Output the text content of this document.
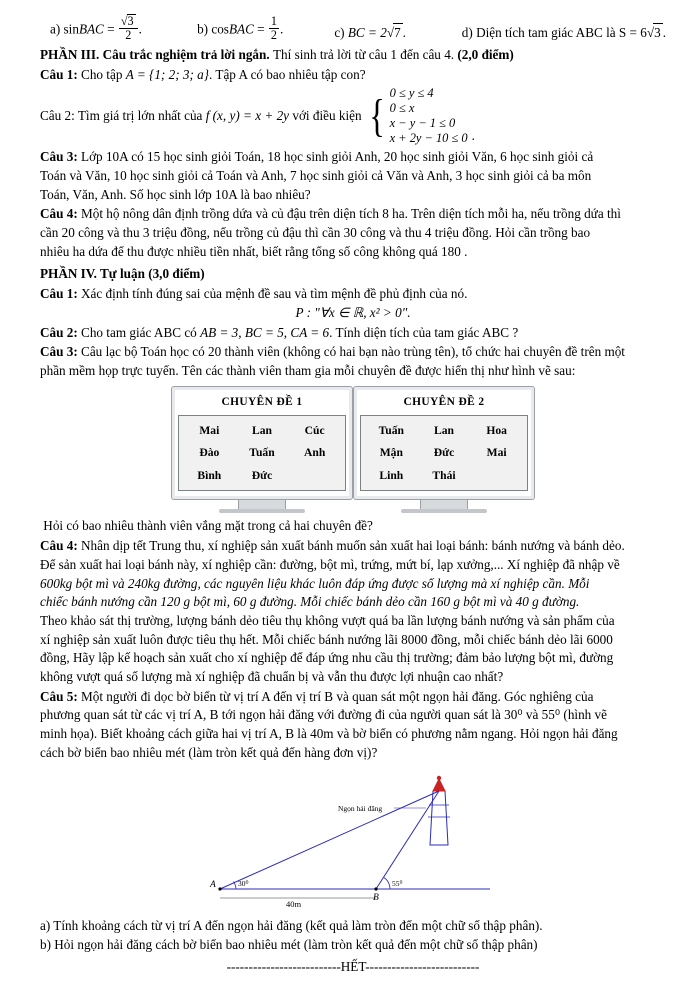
a) sinBAC = $\frac{√3}{2}$ .	b) cosBAC = $\frac{1}{2}$ .	c) BC = 2√7 .	d) Diện tích tam giác ABC là S = 6√3 .

PHẦN III. Câu trắc nghiệm trả lời ngắn. Thí sinh trả lời từ câu 1 đến câu 4. (2,0 điểm)

Câu 1: Cho tập A = {1; 2; 3; a}. Tập A có bao nhiêu tập con?

Câu 2: Tìm giá trị lớn nhất của f (x, y) = x + 2y với điều kiện { 0 ≤ y ≤ 4
0 ≤ x
x − y − 1 ≤ 0
x + 2y − 10 ≤ 0 .

Câu 3: Lớp 10A có 15 học sinh giỏi Toán, 18 học sinh giỏi Anh, 20 học sinh giỏi Văn, 6 học sinh giỏi cả

Toán và Văn, 10 học sinh giỏi cả Toán và Anh, 7 học sinh giỏi cả Văn và Anh, 3 học sinh giỏi cả ba môn

Toán, Văn, Anh. Số học sinh lớp 10A là bao nhiêu?

Câu 4: Một hộ nông dân định trồng dứa và củ đậu trên diện tích 8 ha. Trên diện tích mỗi ha, nếu trồng dứa thì

cần 20 công và thu 3 triệu đồng, nếu trồng củ đậu thì cần 30 công và thu 4 triệu đồng. Hỏi cần trồng bao

nhiêu ha dứa để thu được nhiều tiền nhất, biết rằng tổng số công không quá 180 .

PHẦN IV. Tự luận (3,0 điểm)

Câu 1: Xác định tính đúng sai của mệnh đề sau và tìm mệnh đề phủ định của nó.

P : "∀x ∈ ℝ, x² > 0".

Câu 2: Cho tam giác ABC có AB = 3, BC = 5, CA = 6. Tính diện tích của tam giác ABC ?

Câu 3: Câu lạc bộ Toán học có 20 thành viên (không có hai bạn nào trùng tên), tổ chức hai chuyên đề trên một

phần mềm họp trực tuyến. Tên các thành viên tham gia mỗi chuyên đề được hiển thị như hình vẽ sau:

CHUYÊN ĐỀ 1
Mai	Lan	Cúc
Đào	Tuấn	Anh
Bình	Đức
CHUYÊN ĐỀ 2
Tuấn	Lan	Hoa
Mận	Đức	Mai
Linh	Thái

Hỏi có bao nhiêu thành viên vắng mặt trong cả hai chuyên đề?

Câu 4: Nhân dịp tết Trung thu, xí nghiệp sản xuất bánh muốn sản xuất hai loại bánh: bánh nướng và bánh dẻo.

Để sản xuất hai loại bánh này, xí nghiệp cần: đường, bột mì, trứng, mứt bí, lạp xưởng,... Xí nghiệp đã nhập về

600kg bột mì và 240kg đường, các nguyên liệu khác luôn đáp ứng được số lượng mà xí nghiệp cần. Mỗi

chiếc bánh nướng cần 120 g bột mì, 60 g đường. Mỗi chiếc bánh dẻo cần 160 g bột mì và 40 g đường.

Theo khảo sát thị trường, lượng bánh dẻo tiêu thụ không vượt quá ba lần lượng bánh nướng và sản phẩm của

xí nghiệp sản xuất luôn được tiêu thụ hết. Mỗi chiếc bánh nướng lãi 8000 đồng, mỗi chiếc bánh dẻo lãi 6000

đồng, Hãy lập kế hoạch sản xuất cho xí nghiệp để đáp ứng nhu cầu thị trường; đảm bảo lượng bột mì, đường

không vượt quá số lượng mà xí nghiệp đã chuẩn bị và vẫn thu được lợi nhuận cao nhất?

Câu 5: Một người đi dọc bờ biển từ vị trí A đến vị trí B và quan sát một ngọn hải đăng. Góc nghiêng của

phương quan sát từ các vị trí A, B tới ngọn hải đăng với đường đi của người quan sát là 30⁰ và 55⁰ (hình vẽ

minh họa). Biết khoảng cách giữa hai vị trí A, B là 40m và bờ biển có phương nằm ngang. Hỏi ngọn hải đăng

cách bờ biển bao nhiêu mét (làm tròn kết quả đến hàng đơn vị)?

40m
A
B
30⁰	55⁰
Ngọn hải đăng

a) Tính khoảng cách từ vị trí A đến ngọn hải đăng (kết quả làm tròn đến một chữ số thập phân).

b) Hỏi ngọn hải đăng cách bờ biển bao nhiêu mét (làm tròn kết quả đến một chữ số thập phân)

--------------------------HẾT--------------------------
